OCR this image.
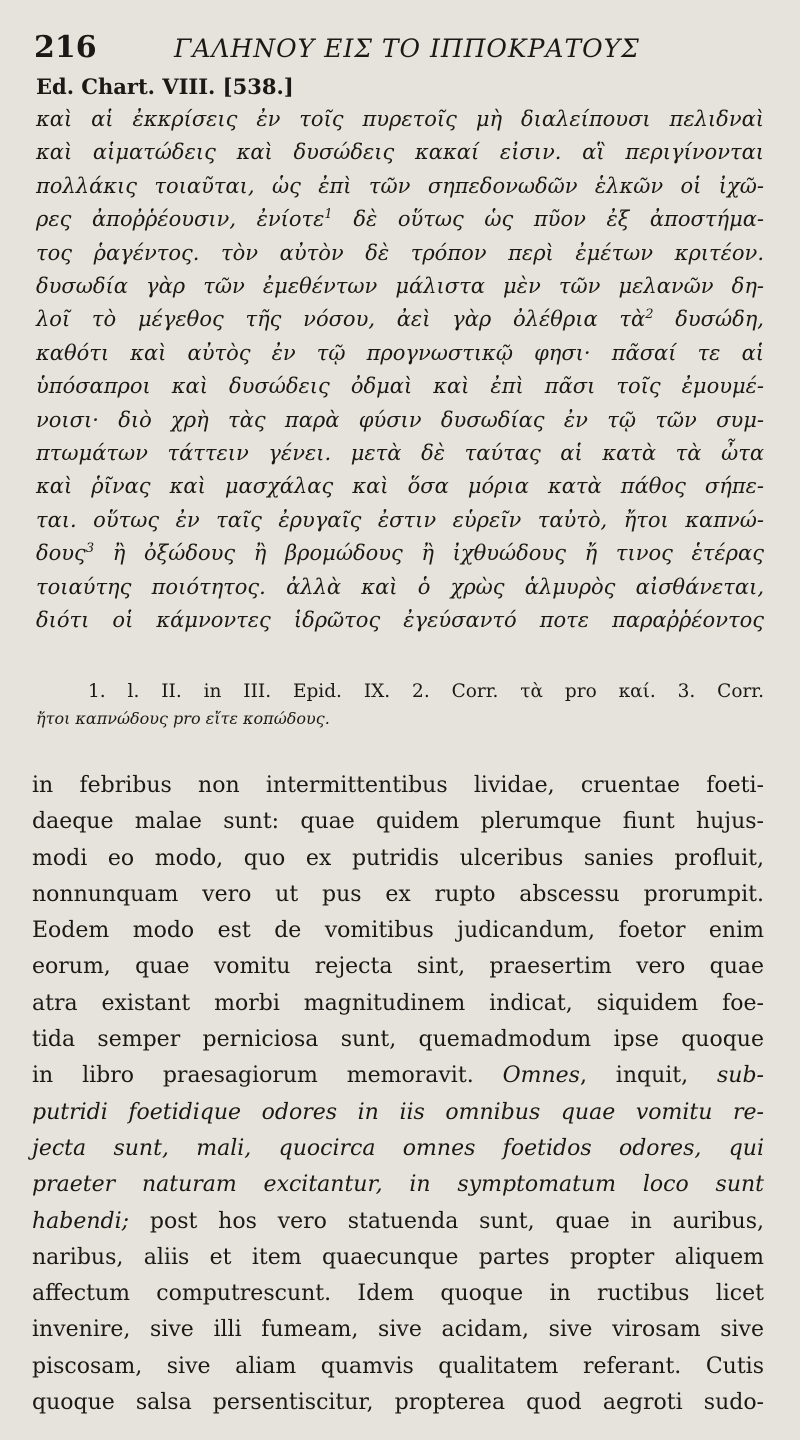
216	ΓΑΛΗΝΟΥ ΕΙΣ ΤΟ ΙΠΠΟΚΡΑΤΟΥΣ
Ed. Chart. VIII. [538.]
καὶ αἱ ἐκκρίσεις ἐν τοῖς πυρετοῖς μὴ διαλείπουσι πελιδναὶ
καὶ αἱματώδεις καὶ δυσώδεις κακαί εἰσιν. αἳ περιγίνονται
πολλάκις τοιαῦται, ὡς ἐπὶ τῶν σηπεδονωδῶν ἑλκῶν οἱ ἰχῶ-
ρες ἀποῤῥέουσιν, ἐνίοτε$^1$ δὲ οὕτως ὡς πῦον ἐξ ἀποστήμα-
τος ῥαγέντος. τὸν αὐτὸν δὲ τρόπον περὶ ἐμέτων κριτέον.
δυσωδία γὰρ τῶν ἐμεθέντων μάλιστα μὲν τῶν μελανῶν δη-
λοῖ τὸ μέγεθος τῆς νόσου, ἀεὶ γὰρ ὀλέθρια τὰ$^2$ δυσώδη,
καθότι καὶ αὐτὸς ἐν τῷ προγνωστικῷ φησι· πᾶσαί τε αἱ
ὑπόσαπροι καὶ δυσώδεις ὀδμαὶ καὶ ἐπὶ πᾶσι τοῖς ἐμουμέ-
νοισι· διὸ χρὴ τὰς παρὰ φύσιν δυσωδίας ἐν τῷ τῶν συμ-
πτωμάτων τάττειν γένει. μετὰ δὲ ταύτας αἱ κατὰ τὰ ὦτα
καὶ ῥῖνας καὶ μασχάλας καὶ ὅσα μόρια κατὰ πάθος σήπε-
ται. οὕτως ἐν ταῖς ἐρυγαῖς ἐστιν εὑρεῖν ταὐτὸ, ἤτοι καπνώ-
δους$^3$ ἢ ὀξώδους ἢ βρομώδους ἢ ἰχθυώδους ἤ τινος ἑτέρας
τοιαύτης ποιότητος. ἀλλὰ καὶ ὁ χρὼς ἁλμυρὸς αἰσθάνεται,
διότι οἱ κάμνοντες ἱδρῶτος ἐγεύσαντό ποτε παραῤῥέοντος
1. l. II. in III. Epid. IX. 2. Corr. τὰ pro καί. 3. Corr.
ἤτοι καπνώδους pro εἴτε κοπώδους.
in febribus non intermittentibus lividae, cruentae foeti-
daeque malae sunt: quae quidem plerumque fiunt hujus-
modi eo modo, quo ex putridis ulceribus sanies profluit,
nonnunquam vero ut pus ex rupto abscessu prorumpit.
Eodem modo est de vomitibus judicandum, foetor enim
eorum, quae vomitu rejecta sint, praesertim vero quae
atra existant morbi magnitudinem indicat, siquidem foe-
tida semper perniciosa sunt, quemadmodum ipse quoque
in libro praesagiorum memoravit. Omnes, inquit, sub-
putridi foetidique odores in iis omnibus quae vomitu re-
jecta sunt, mali, quocirca omnes foetidos odores, qui
praeter naturam excitantur, in symptomatum loco sunt
habendi; post hos vero statuenda sunt, quae in auribus,
naribus, aliis et item quaecunque partes propter aliquem
affectum computrescunt. Idem quoque in ructibus licet
invenire, sive illi fumeam, sive acidam, sive virosam sive
piscosam, sive aliam quamvis qualitatem referant. Cutis
quoque salsa persentiscitur, propterea quod aegroti sudo-
